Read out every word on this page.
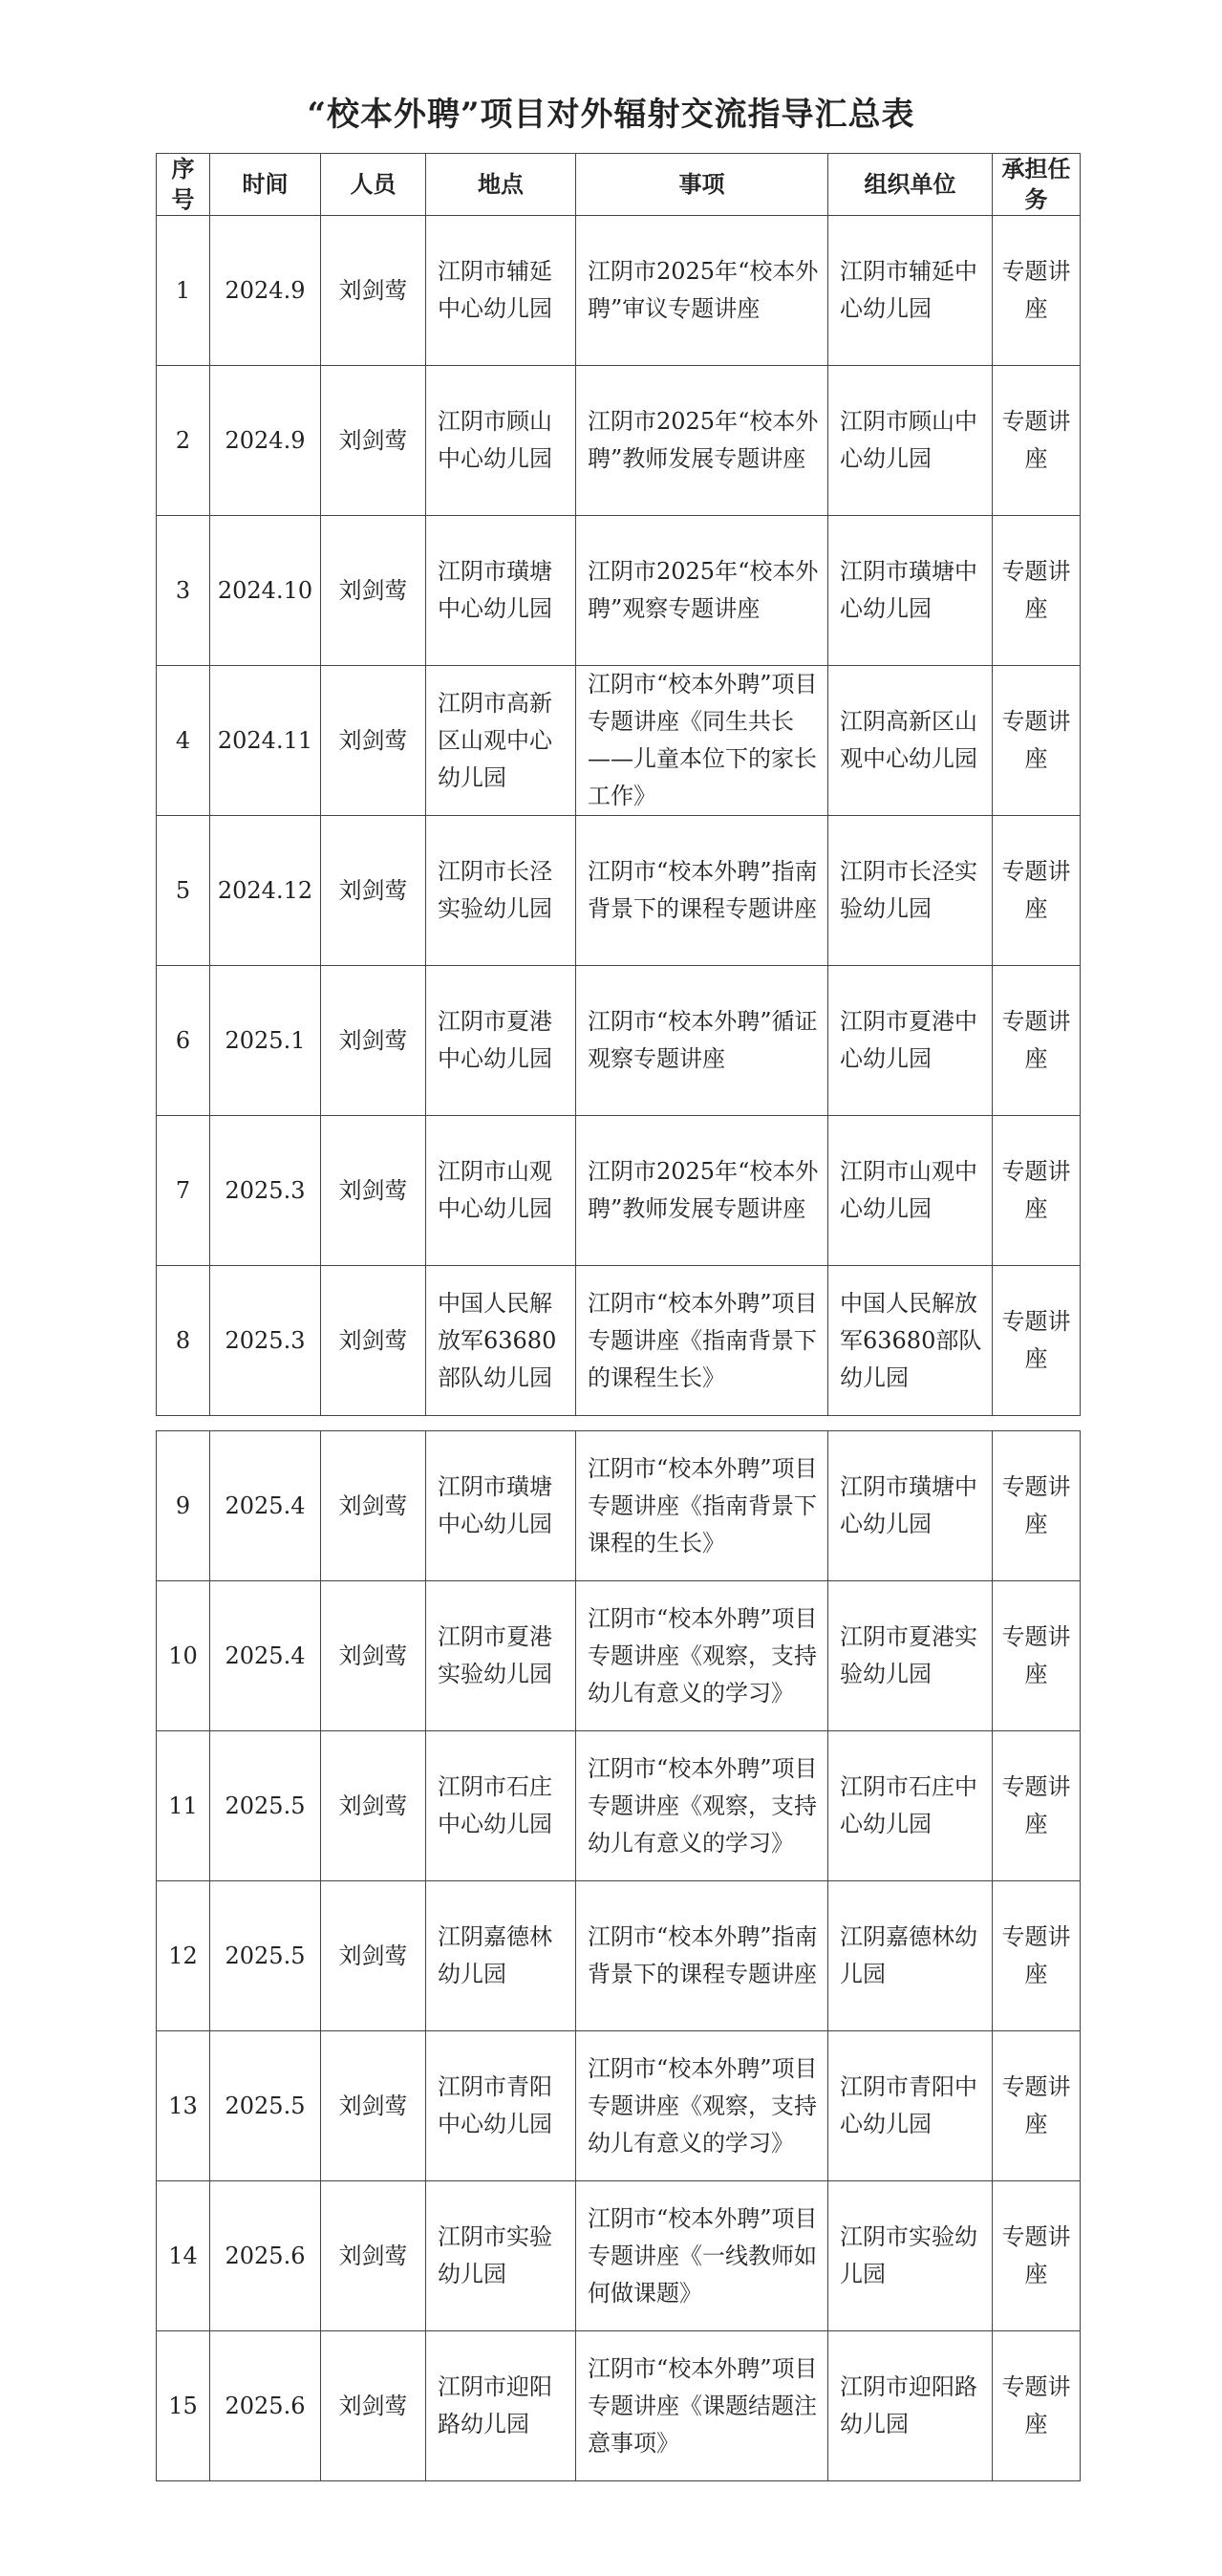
“校本外聘”项目对外辐射交流指导汇总表
序号	时间	人员	地点	事项	组织单位	承担任务
1	2024.9	刘剑莺	江阴市辅延中心幼儿园	江阴市2025年“校本外聘”审议专题讲座	江阴市辅延中心幼儿园	专题讲座
2	2024.9	刘剑莺	江阴市顾山中心幼儿园	江阴市2025年“校本外聘”教师发展专题讲座	江阴市顾山中心幼儿园	专题讲座
3	2024.10	刘剑莺	江阴市璜塘中心幼儿园	江阴市2025年“校本外聘”观察专题讲座	江阴市璜塘中心幼儿园	专题讲座
4	2024.11	刘剑莺	江阴市高新区山观中心幼儿园	江阴市“校本外聘”项目专题讲座《同生共长——儿童本位下的家长工作》	江阴高新区山观中心幼儿园	专题讲座
5	2024.12	刘剑莺	江阴市长泾实验幼儿园	江阴市“校本外聘”指南背景下的课程专题讲座	江阴市长泾实验幼儿园	专题讲座
6	2025.1	刘剑莺	江阴市夏港中心幼儿园	江阴市“校本外聘”循证观察专题讲座	江阴市夏港中心幼儿园	专题讲座
7	2025.3	刘剑莺	江阴市山观中心幼儿园	江阴市2025年“校本外聘”教师发展专题讲座	江阴市山观中心幼儿园	专题讲座
8	2025.3	刘剑莺	中国人民解放军63680部队幼儿园	江阴市“校本外聘”项目专题讲座《指南背景下的课程生长》	中国人民解放军63680部队幼儿园	专题讲座
9	2025.4	刘剑莺	江阴市璜塘中心幼儿园	江阴市“校本外聘”项目专题讲座《指南背景下课程的生长》	江阴市璜塘中心幼儿园	专题讲座
10	2025.4	刘剑莺	江阴市夏港实验幼儿园	江阴市“校本外聘”项目专题讲座《观察，支持幼儿有意义的学习》	江阴市夏港实验幼儿园	专题讲座
11	2025.5	刘剑莺	江阴市石庄中心幼儿园	江阴市“校本外聘”项目专题讲座《观察，支持幼儿有意义的学习》	江阴市石庄中心幼儿园	专题讲座
12	2025.5	刘剑莺	江阴嘉德林幼儿园	江阴市“校本外聘”指南背景下的课程专题讲座	江阴嘉德林幼儿园	专题讲座
13	2025.5	刘剑莺	江阴市青阳中心幼儿园	江阴市“校本外聘”项目专题讲座《观察，支持幼儿有意义的学习》	江阴市青阳中心幼儿园	专题讲座
14	2025.6	刘剑莺	江阴市实验幼儿园	江阴市“校本外聘”项目专题讲座《一线教师如何做课题》	江阴市实验幼儿园	专题讲座
15	2025.6	刘剑莺	江阴市迎阳路幼儿园	江阴市“校本外聘”项目专题讲座《课题结题注意事项》	江阴市迎阳路幼儿园	专题讲座
